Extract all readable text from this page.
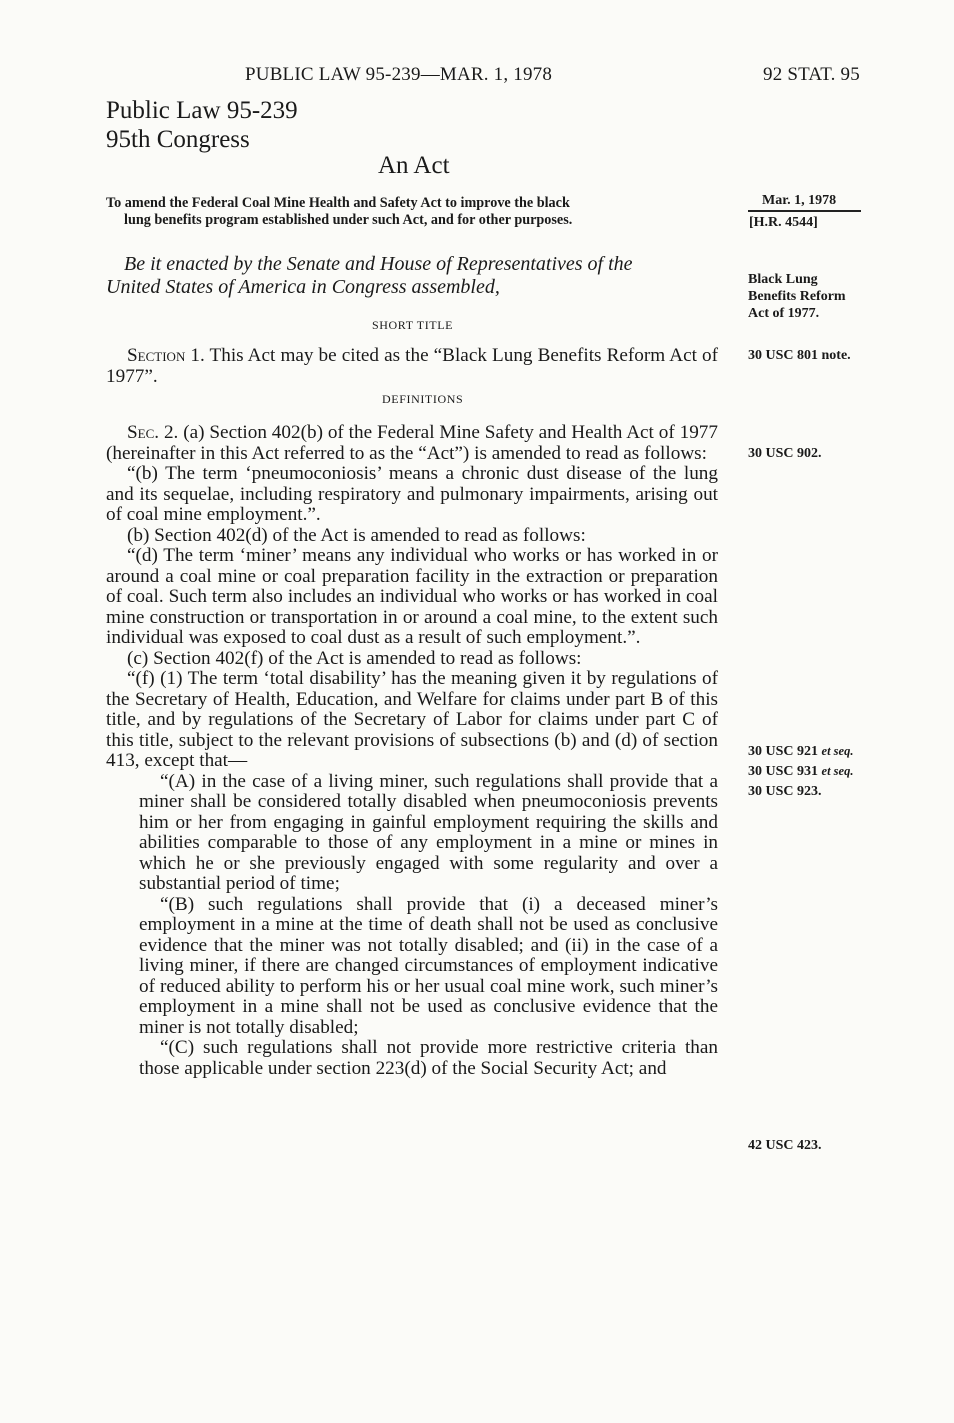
PUBLIC LAW 95-239—MAR. 1, 1978	92 STAT. 95
Public Law 95-239
95th Congress
An Act
To amend the Federal Coal Mine Health and Safety Act to improve the black
lung benefits program established under such Act, and for other purposes.
Mar. 1, 1978
[H.R. 4544]
Be it enacted by the Senate and House of Representatives of the
United States of America in Congress assembled,	Black Lung
Benefits Reform
Act of 1977.
SHORT TITLE

Section 1. This Act may be cited as the “Black Lung Benefits Reform Act of 1977”.

30 USC 801 note.
DEFINITIONS

Sec. 2. (a) Section 402(b) of the Federal Mine Safety and Health Act of 1977 (hereinafter in this Act referred to as the “Act”) is amended to read as follows:

“(b) The term ‘pneumoconiosis’ means a chronic dust disease of the lung and its sequelae, including respiratory and pulmonary impairments, arising out of coal mine employment.”.

(b) Section 402(d) of the Act is amended to read as follows:

“(d) The term ‘miner’ means any individual who works or has worked in or around a coal mine or coal preparation facility in the extraction or preparation of coal. Such term also includes an individual who works or has worked in coal mine construction or transportation in or around a coal mine, to the extent such individual was exposed to coal dust as a result of such employment.”.

(c) Section 402(f) of the Act is amended to read as follows:

“(f) (1) The term ‘total disability’ has the meaning given it by regulations of the Secretary of Health, Education, and Welfare for claims under part B of this title, and by regulations of the Secretary of Labor for claims under part C of this title, subject to the relevant provisions of subsections (b) and (d) of section 413, except that—

“(A) in the case of a living miner, such regulations shall provide that a miner shall be considered totally disabled when pneumoconiosis prevents him or her from engaging in gainful employment requiring the skills and abilities comparable to those of any employment in a mine or mines in which he or she previously engaged with some regularity and over a substantial period of time;

“(B) such regulations shall provide that (i) a deceased miner’s employment in a mine at the time of death shall not be used as conclusive evidence that the miner was not totally disabled; and (ii) in the case of a living miner, if there are changed circumstances of employment indicative of reduced ability to perform his or her usual coal mine work, such miner’s employment in a mine shall not be used as conclusive evidence that the miner is not totally disabled;

“(C) such regulations shall not provide more restrictive criteria than those applicable under section 223(d) of the Social Security Act; and

30 USC 902.
30 USC 921 et seq.
30 USC 931 et seq.
30 USC 923.
42 USC 423.
